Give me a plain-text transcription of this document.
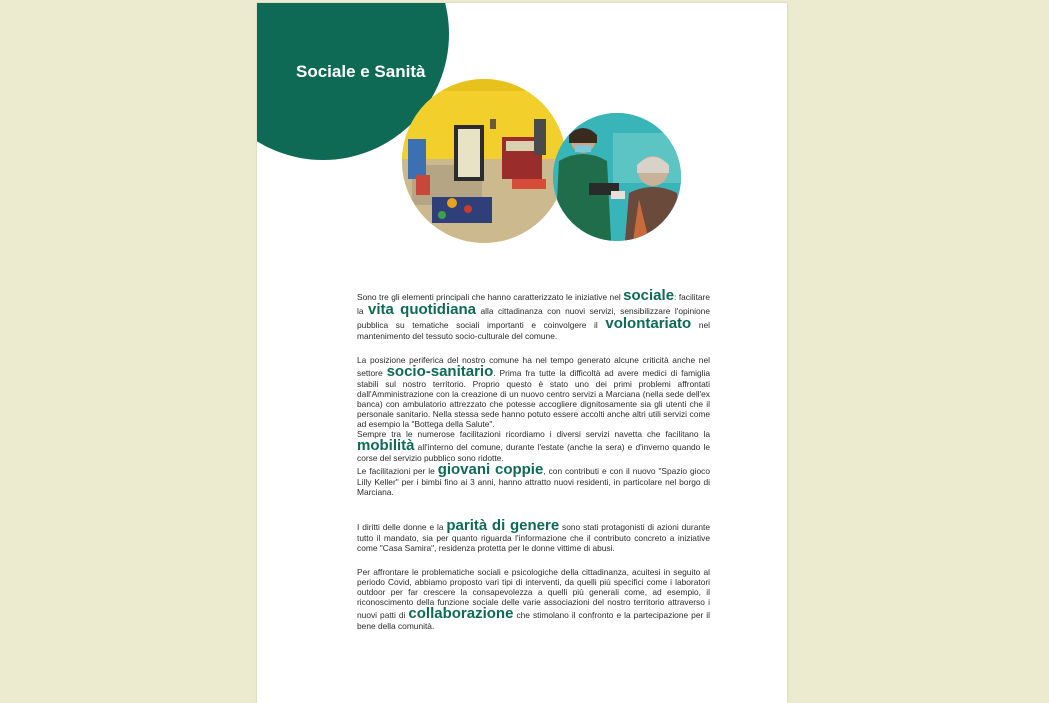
Sociale e Sanità

Sono tre gli elementi principali che hanno caratterizzato le iniziative nel sociale: facilitare la vita quotidiana alla cittadinanza con nuovi servizi, sensibilizzare l'opinione pubblica su tematiche sociali importanti e coinvolgere il volontariato nel mantenimento del tessuto socio-culturale del comune.

La posizione periferica del nostro comune ha nel tempo generato alcune criticità anche nel settore socio-sanitario. Prima fra tutte la difficoltà ad avere medici di famiglia stabili sul nostro territorio. Proprio questo è stato uno dei primi problemi affrontati dall'Amministrazione con la creazione di un nuovo centro servizi a Marciana (nella sede dell'ex banca) con ambulatorio attrezzato che potesse accogliere dignitosamente sia gli utenti che il personale sanitario. Nella stessa sede hanno potuto essere accolti anche altri utili servizi come ad esempio la "Bottega della Salute".

Sempre tra le numerose facilitazioni ricordiamo i diversi servizi navetta che facilitano la mobilità all'interno del comune, durante l'estate (anche la sera) e d'inverno quando le corse del servizio pubblico sono ridotte.

Le facilitazioni per le giovani coppie, con contributi e con il nuovo "Spazio gioco Lilly Keller" per i bimbi fino ai 3 anni, hanno attratto nuovi residenti, in particolare nel borgo di Marciana.

I diritti delle donne e la parità di genere sono stati protagonisti di azioni durante tutto il mandato, sia per quanto riguarda l'informazione che il contributo concreto a iniziative come "Casa Samira", residenza protetta per le donne vittime di abusi.

Per affrontare le problematiche sociali e psicologiche della cittadinanza, acuitesi in seguito al periodo Covid, abbiamo proposto vari tipi di interventi, da quelli più specifici come i laboratori outdoor per far crescere la consapevolezza a quelli più generali come, ad esempio, il riconoscimento della funzione sociale delle varie associazioni del nostro territorio attraverso i nuovi patti di collaborazione che stimolano il confronto e la partecipazione per il bene della comunità.
